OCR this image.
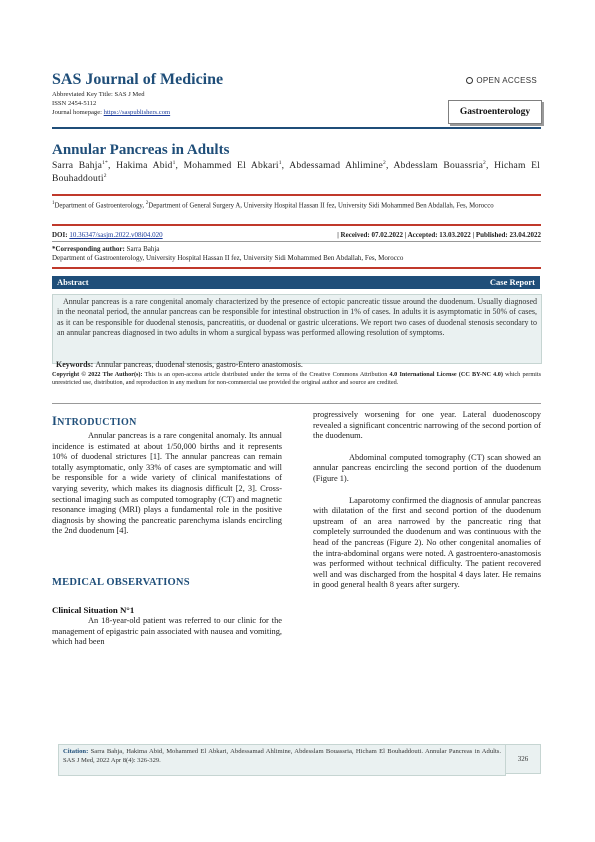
SAS Journal of Medicine
Abbreviated Key Title: SAS J Med
ISSN 2454-5112
Journal homepage: https://saspublishers.com
OPEN ACCESS
Gastroenterology
Annular Pancreas in Adults
Sarra Bahja$^{1*}$, Hakima Abid$^1$, Mohammed El Abkari$^1$, Abdessamad Ahlimine$^2$, Abdesslam Bouassria$^2$, Hicham El Bouhaddouti$^2$
$^1$Department of Gastroenterology, $^2$Department of General Surgery A, University Hospital Hassan II fez, University Sidi Mohammed Ben Abdallah, Fes, Morocco
DOI: 10.36347/sasjm.2022.v08i04.020	| Received: 07.02.2022 | Accepted: 13.03.2022 | Published: 23.04.2022
*Corresponding author: Sarra Bahja
Department of Gastroenterology, University Hospital Hassan II fez, University Sidi Mohammed Ben Abdallah, Fes, Morocco
Abstract	Case Report
Annular pancreas is a rare congenital anomaly characterized by the presence of ectopic pancreatic tissue around the duodenum. Usually diagnosed in the neonatal period, the annular pancreas can be responsible for intestinal obstruction in 1% of cases. In adults it is asymptomatic in 50% of cases, as it can be responsible for duodenal stenosis, pancreatitis, or duodenal or gastric ulcerations. We report two cases of duodenal stenosis secondary to an annular pancreas diagnosed in two adults in whom a surgical bypass was performed allowing resolution of symptoms.
Keywords: Annular pancreas, duodenal stenosis, gastro-Entero anastomosis.
Copyright © 2022 The Author(s): This is an open-access article distributed under the terms of the Creative Commons Attribution 4.0 International License (CC BY-NC 4.0) which permits unrestricted use, distribution, and reproduction in any medium for non-commercial use provided the original author and source are credited.
INTRODUCTION

Annular pancreas is a rare congenital anomaly. Its annual incidence is estimated at about 1/50,000 births and it represents 10% of duodenal strictures [1]. The annular pancreas can remain totally asymptomatic, only 33% of cases are symptomatic and will be responsible for a wide variety of clinical manifestations of varying severity, which makes its diagnosis difficult [2, 3]. Cross-sectional imaging such as computed tomography (CT) and magnetic resonance imaging (MRI) plays a fundamental role in the positive diagnosis by showing the pancreatic parenchyma islands encircling the 2nd duodenum [4].

MEDICAL OBSERVATIONS
Clinical Situation N°1

An 18-year-old patient was referred to our clinic for the management of epigastric pain associated with nausea and vomiting, which had been

progressively worsening for one year. Lateral duodenoscopy revealed a significant concentric narrowing of the second portion of the duodenum.

Abdominal computed tomography (CT) scan showed an annular pancreas encircling the second portion of the duodenum (Figure 1).

Laparotomy confirmed the diagnosis of annular pancreas with dilatation of the first and second portion of the duodenum upstream of an area narrowed by the pancreatic ring that completely surrounded the duodenum and was continuous with the head of the pancreas (Figure 2). No other congenital anomalies of the intra-abdominal organs were noted. A gastroentero-anastomosis was performed without technical difficulty. The patient recovered well and was discharged from the hospital 4 days later. He remains in good general health 8 years after surgery.

Citation: Sarra Bahja, Hakima Abid, Mohammed El Abkari, Abdessamad Ahlimine, Abdesslam Bouassria, Hicham El Bouhaddouti. Annular Pancreas in Adults. SAS J Med, 2022 Apr 8(4): 326-329.	326
